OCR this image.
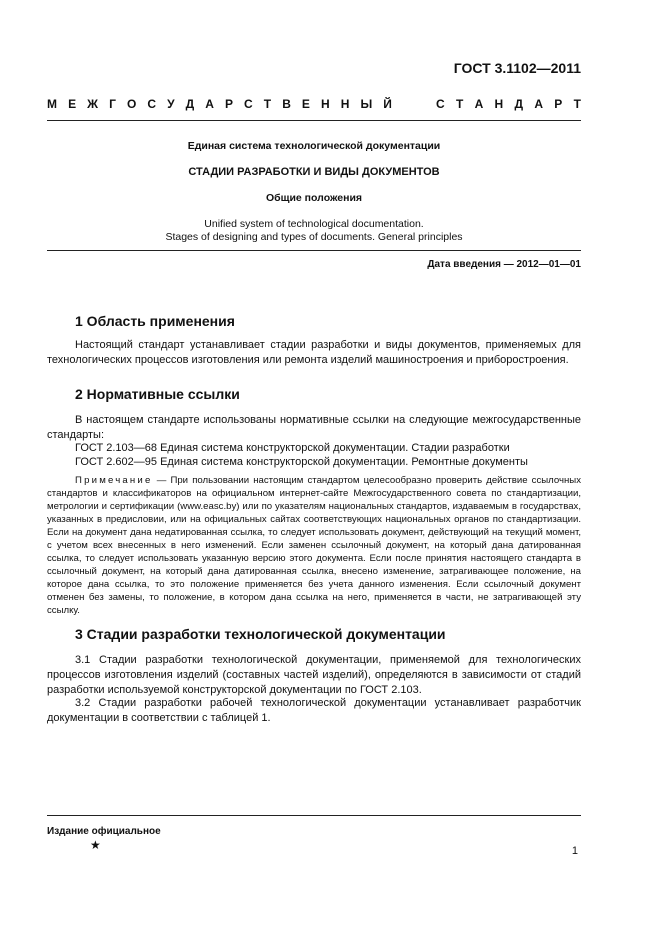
ГОСТ 3.1102—2011
М Е Ж Г О С У Д А Р С Т В Е Н Н Ы Й	С Т А Н Д А Р Т
Единая система технологической документации
СТАДИИ РАЗРАБОТКИ И ВИДЫ ДОКУМЕНТОВ
Общие положения
Unified system of technological documentation.
Stages of designing and types of documents. General principles
Дата введения — 2012—01—01
1 Область применения
Настоящий стандарт устанавливает стадии разработки и виды документов, применяемых для технологических процессов изготовления или ремонта изделий машиностроения и приборостроения.
2 Нормативные ссылки
В настоящем стандарте использованы нормативные ссылки на следующие межгосударственные стандарты:
ГОСТ 2.103—68 Единая система конструкторской документации. Стадии разработки
ГОСТ 2.602—95 Единая система конструкторской документации. Ремонтные документы
Примечание — При пользовании настоящим стандартом целесообразно проверить действие ссылочных стандартов и классификаторов на официальном интернет-сайте Межгосударственного совета по стандартизации, метрологии и сертификации (www.easc.by) или по указателям национальных стандартов, издаваемым в государствах, указанных в предисловии, или на официальных сайтах соответствующих национальных органов по стандартизации. Если на документ дана недатированная ссылка, то следует использовать документ, действующий на текущий момент, с учетом всех внесенных в него изменений. Если заменен ссылочный документ, на который дана датированная ссылка, то следует использовать указанную версию этого документа. Если после принятия настоящего стандарта в ссылочный документ, на который дана датированная ссылка, внесено изменение, затрагивающее положение, на которое дана ссылка, то это положение применяется без учета данного изменения. Если ссылочный документ отменен без замены, то положение, в котором дана ссылка на него, применяется в части, не затрагивающей эту ссылку.
3 Стадии разработки технологической документации
3.1 Стадии разработки технологической документации, применяемой для технологических процессов изготовления изделий (составных частей изделий), определяются в зависимости от стадий разработки используемой конструкторской документации по ГОСТ 2.103.
3.2 Стадии разработки рабочей технологической документации устанавливает разработчик документации в соответствии с таблицей 1.
Издание официальное
★	1
